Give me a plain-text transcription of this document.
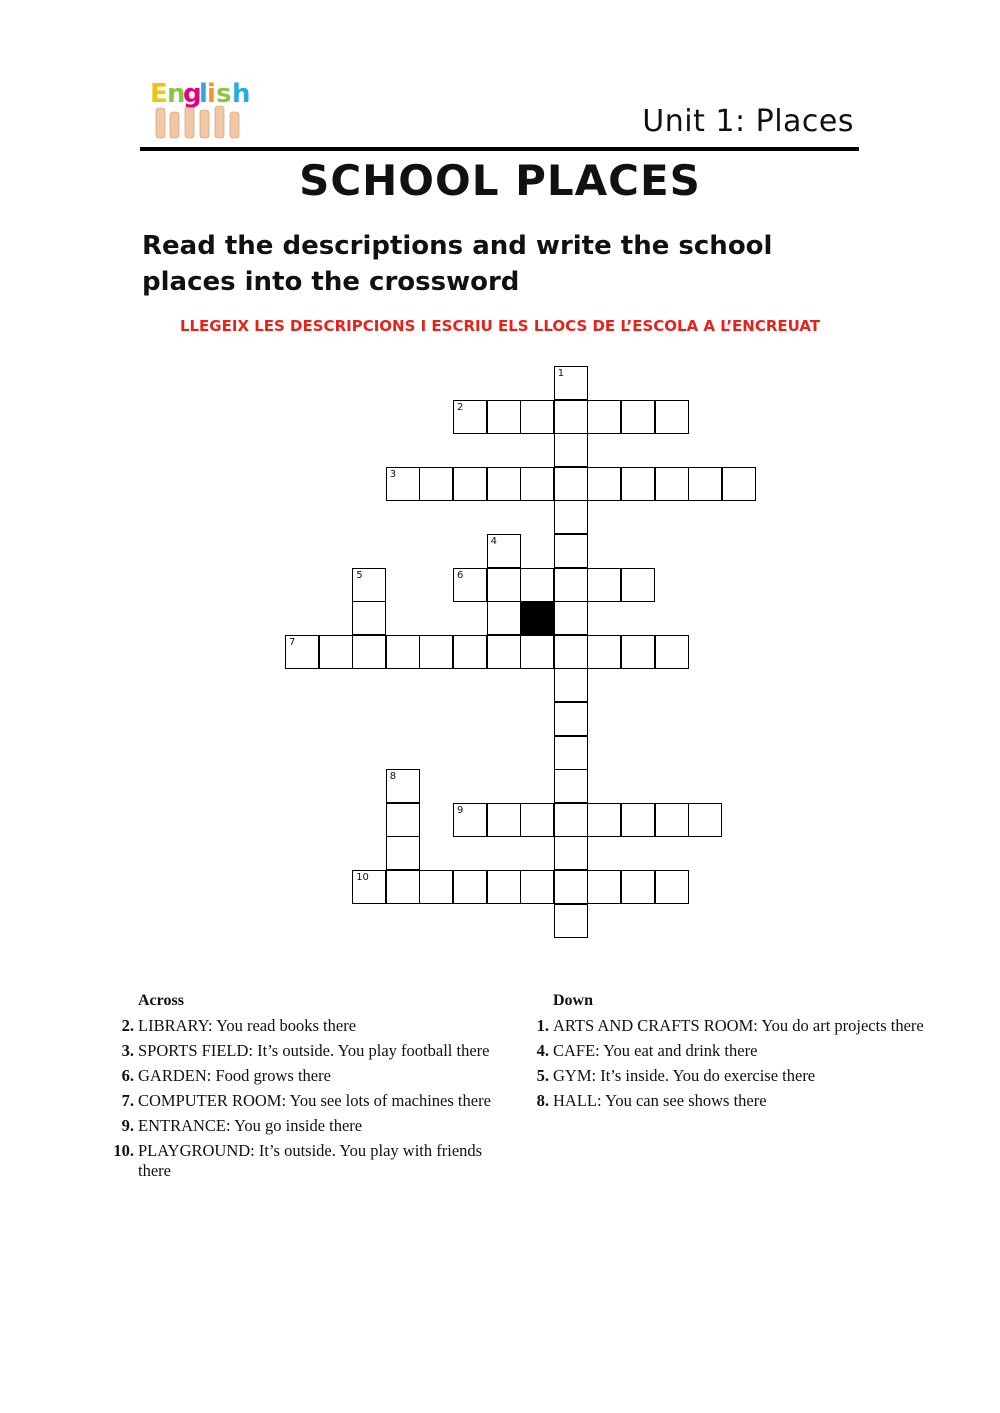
E n
g
l i s h
Unit 1: Places
SCHOOL PLACES
Read the descriptions and write the school places into the crossword
LLEGEIX LES DESCRIPCIONS I ESCRIU ELS LLOCS DE L’ESCOLA A L’ENCREUAT
1
2
3
4
5	6
7
8
9
10
Across	Down
2. LIBRARY: You read books there
3. SPORTS FIELD: It’s outside. You play football there
6. GARDEN: Food grows there
7. COMPUTER ROOM: You see lots of machines there
9. ENTRANCE: You go inside there
10. PLAYGROUND: It’s outside. You play with friends there
1. ARTS AND CRAFTS ROOM: You do art projects there
4. CAFE: You eat and drink there
5. GYM: It’s inside. You do exercise there
8. HALL: You can see shows there
